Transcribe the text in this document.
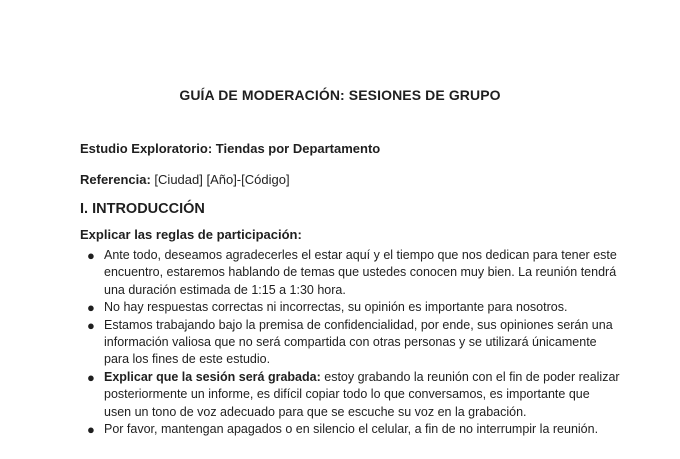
GUÍA DE MODERACIÓN: SESIONES DE GRUPO
Estudio Exploratorio: Tiendas por Departamento
Referencia: [Ciudad] [Año]-[Código]
I. INTRODUCCIÓN
Explicar las reglas de participación:
● Ante todo, deseamos agradecerles el estar aquí y el tiempo que nos dedican para tener este encuentro, estaremos hablando de temas que ustedes conocen muy bien. La reunión tendrá una duración estimada de 1:15 a 1:30 hora.
● No hay respuestas correctas ni incorrectas, su opinión es importante para nosotros.
● Estamos trabajando bajo la premisa de confidencialidad, por ende, sus opiniones serán una información valiosa que no será compartida con otras personas y se utilizará únicamente para los fines de este estudio.
● Explicar que la sesión será grabada: estoy grabando la reunión con el fin de poder realizar posteriormente un informe, es difícil copiar todo lo que conversamos, es importante que usen un tono de voz adecuado para que se escuche su voz en la grabación.
● Por favor, mantengan apagados o en silencio el celular, a fin de no interrumpir la reunión.
